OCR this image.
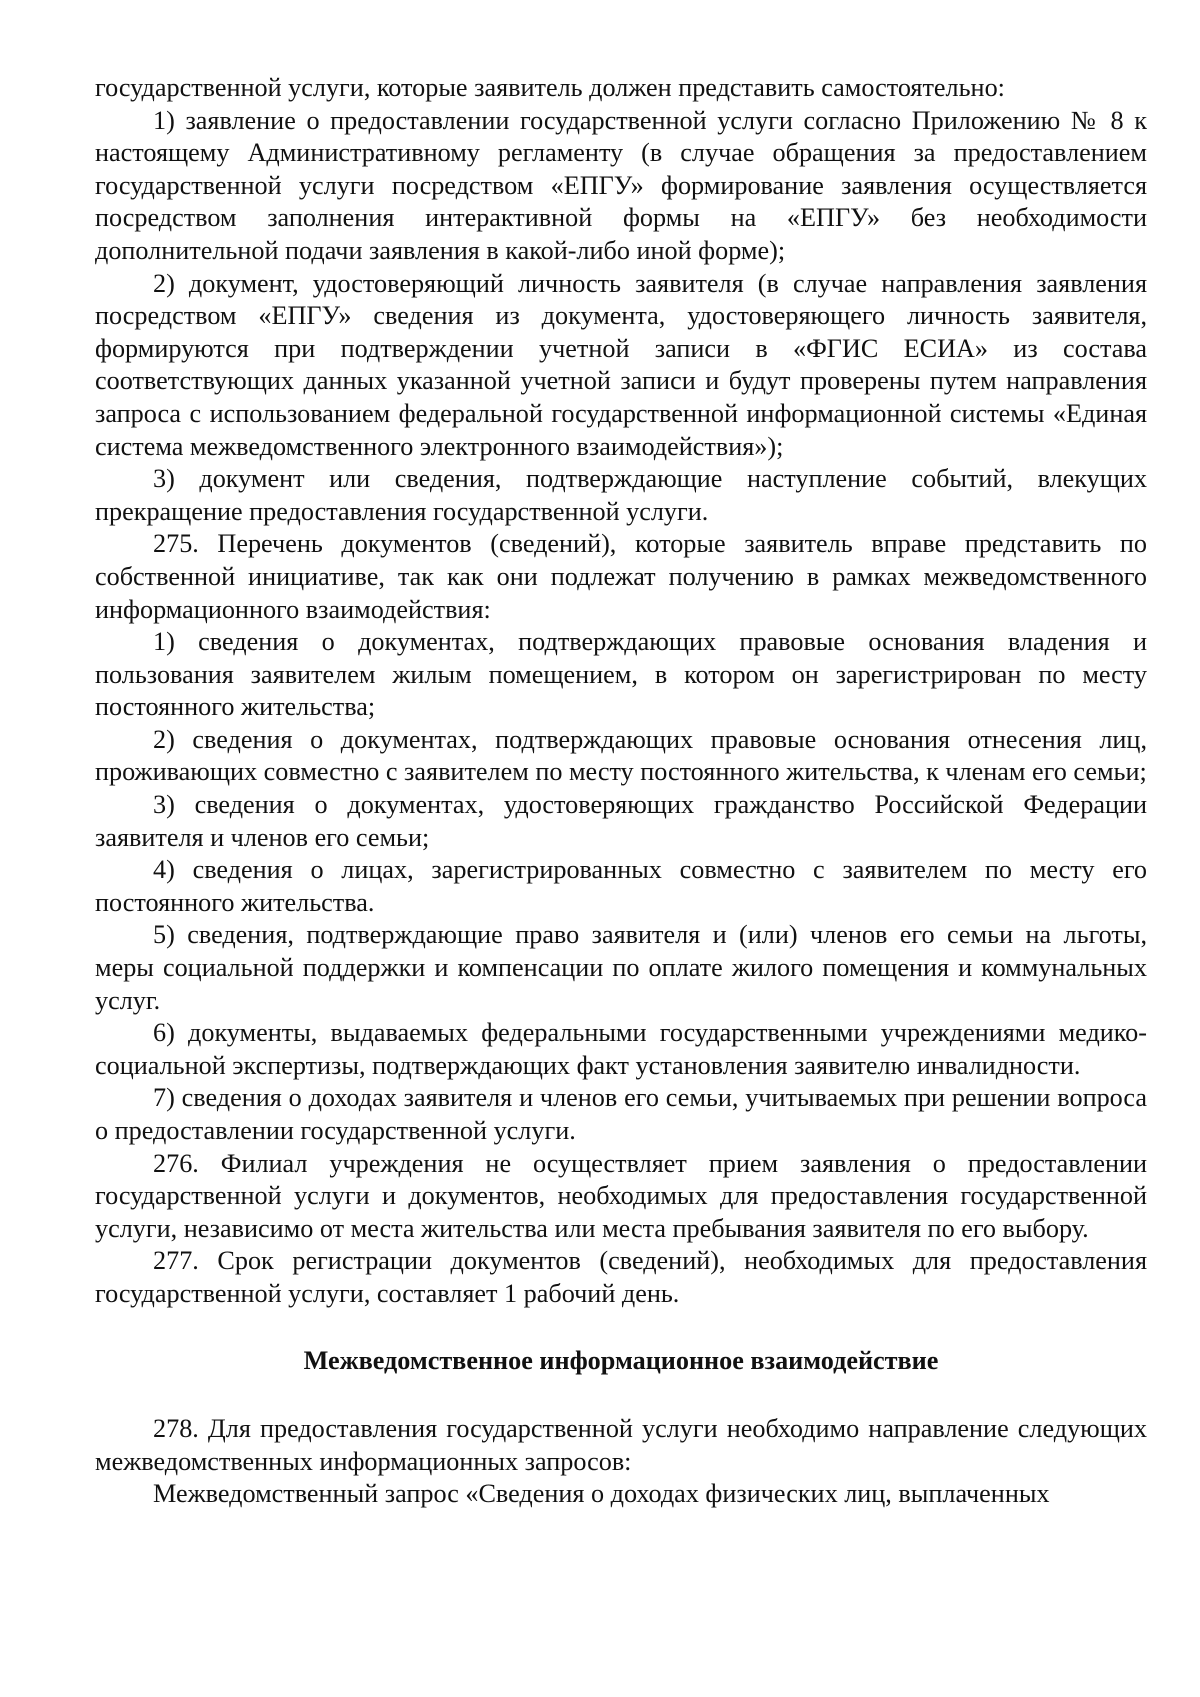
государственной услуги, которые заявитель должен представить самостоятельно:

1) заявление о предоставлении государственной услуги согласно Приложению № 8 к настоящему Административному регламенту (в случае обращения за предоставлением государственной услуги посредством «ЕПГУ» формирование заявления осуществляется посредством заполнения интерактивной формы на «ЕПГУ» без необходимости дополнительной подачи заявления в какой-либо иной форме);

2) документ, удостоверяющий личность заявителя (в случае направления заявления посредством «ЕПГУ» сведения из документа, удостоверяющего личность заявителя, формируются при подтверждении учетной записи в «ФГИС ЕСИА» из состава соответствующих данных указанной учетной записи и будут проверены путем направления запроса с использованием федеральной государственной информационной системы «Единая система межведомственного электронного взаимодействия»);

3) документ или сведения, подтверждающие наступление событий, влекущих прекращение предоставления государственной услуги.

275. Перечень документов (сведений), которые заявитель вправе представить по собственной инициативе, так как они подлежат получению в рамках межведомственного информационного взаимодействия:

1) сведения о документах, подтверждающих правовые основания владения и пользования заявителем жилым помещением, в котором он зарегистрирован по месту постоянного жительства;

2) сведения о документах, подтверждающих правовые основания отнесения лиц, проживающих совместно с заявителем по месту постоянного жительства, к членам его семьи;

3) сведения о документах, удостоверяющих гражданство Российской Федерации заявителя и членов его семьи;

4) сведения о лицах, зарегистрированных совместно с заявителем по месту его постоянного жительства.

5) сведения, подтверждающие право заявителя и (или) членов его семьи на льготы, меры социальной поддержки и компенсации по оплате жилого помещения и коммунальных услуг.

6) документы, выдаваемых федеральными государственными учреждениями медико-социальной экспертизы, подтверждающих факт установления заявителю инвалидности.

7) сведения о доходах заявителя и членов его семьи, учитываемых при решении вопроса о предоставлении государственной услуги.

276. Филиал учреждения не осуществляет прием заявления о предоставлении государственной услуги и документов, необходимых для предоставления государственной услуги, независимо от места жительства или места пребывания заявителя по его выбору.

277. Срок регистрации документов (сведений), необходимых для предоставления государственной услуги, составляет 1 рабочий день.

Межведомственное информационное взаимодействие

278. Для предоставления государственной услуги необходимо направление следующих межведомственных информационных запросов:

Межведомственный запрос «Сведения о доходах физических лиц, выплаченных
